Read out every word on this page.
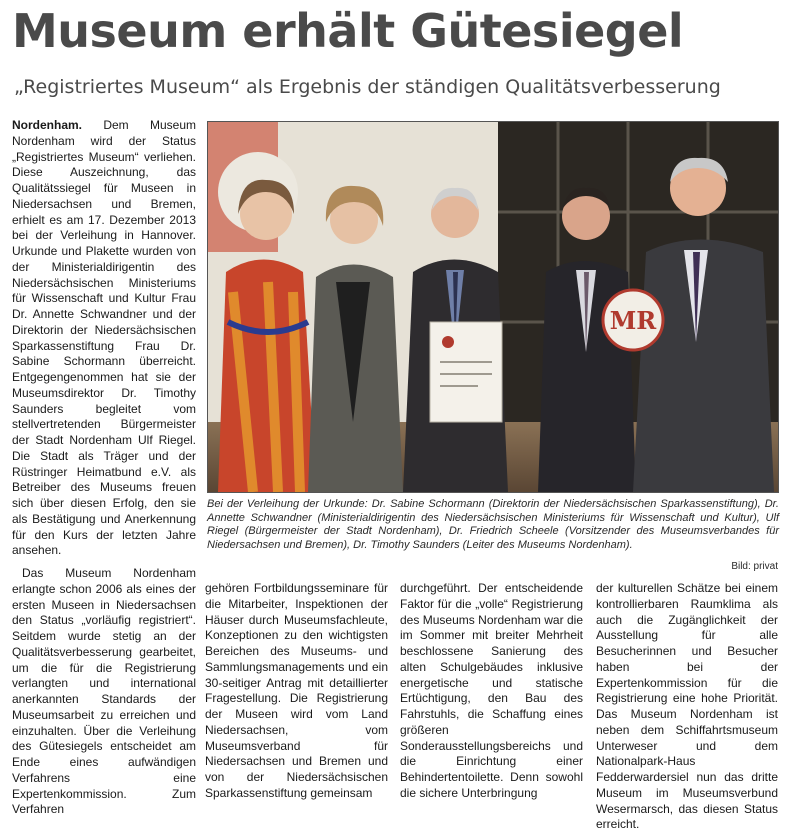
Museum erhält Gütesiegel
„Registriertes Museum“ als Ergebnis der ständigen Qualitätsverbesserung

Nordenham. Dem Museum Nordenham wird der Status „Registriertes Museum“ verliehen. Diese Auszeichnung, das Qualitätssiegel für Museen in Niedersachsen und Bremen, erhielt es am 17. Dezember 2013 bei der Verleihung in Hannover. Urkunde und Plakette wurden von der Ministerialdirigentin des Niedersächsischen Ministeriums für Wissenschaft und Kultur Frau Dr. Annette Schwandner und der Direktorin der Niedersächsischen Sparkassenstiftung Frau Dr. Sabine Schormann überreicht. Entgegengenommen hat sie der Museumsdirektor Dr. Timothy Saunders begleitet vom stellvertretenden Bürgermeister der Stadt Nordenham Ulf Riegel. Die Stadt als Träger und der Rüstringer Heimatbund e.V. als Betreiber des Museums freuen sich über diesen Erfolg, den sie als Bestätigung und Anerkennung für den Kurs der letzten Jahre ansehen.

MR

Bei der Verleihung der Urkunde: Dr. Sabine Schormann (Direktorin der Niedersächsischen Sparkassenstiftung), Dr. Annette Schwandner (Ministerialdirigentin des Niedersächsischen Ministeriums für Wissenschaft und Kultur), Ulf Riegel (Bürgermeister der Stadt Nordenham), Dr. Friedrich Scheele (Vorsitzender des Museumsverbandes für Niedersachsen und Bremen), Dr. Timothy Saunders (Leiter des Museums Nordenham).

Bild: privat

Das Museum Nordenham erlangte schon 2006 als eines der ersten Museen in Niedersachsen den Status „vorläufig registriert“. Seitdem wurde stetig an der Qualitätsverbesserung gearbeitet, um die für die Registrierung verlangten und international anerkannten Standards der Museumsarbeit zu erreichen und einzuhalten. Über die Verleihung des Gütesiegels entscheidet am Ende eines aufwändigen Verfahrens eine Expertenkommission. Zum Verfahren

gehören Fortbildungsseminare für die Mitarbeiter, Inspektionen der Häuser durch Museumsfachleute, Konzeptionen zu den wichtigsten Bereichen des Museums- und Sammlungsmanagements und ein 30-seitiger Antrag mit detaillierter Fragestellung. Die Registrierung der Museen wird vom Land Niedersachsen, vom Museumsverband für Niedersachsen und Bremen und von der Niedersächsischen Sparkassenstiftung gemeinsam

durchgeführt. Der entscheidende Faktor für die „volle“ Registrierung des Museums Nordenham war die im Sommer mit breiter Mehrheit beschlossene Sanierung des alten Schulgebäudes inklusive energetische und statische Ertüchtigung, den Bau des Fahrstuhls, die Schaffung eines größeren Sonderausstellungsbereichs und die Einrichtung einer Behindertentoilette. Denn sowohl die sichere Unterbringung

der kulturellen Schätze bei einem kontrollierbaren Raumklima als auch die Zugänglichkeit der Ausstellung für alle Besucherinnen und Besucher haben bei der Expertenkommission für die Registrierung eine hohe Priorität. Das Museum Nordenham ist neben dem Schiffahrtsmuseum Unterweser und dem Nationalpark-Haus Fedderwardersiel nun das dritte Museum im Museumsverbund Wesermarsch, das diesen Status erreicht.
